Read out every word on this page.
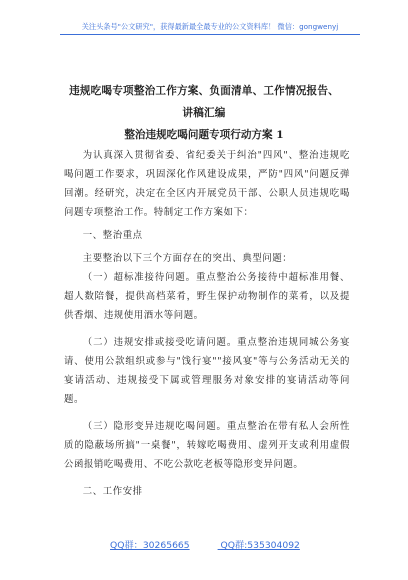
关注头条号"公文研究"，获得最新最全最专业的公文资料库！ 微信：gongwenyj
违规吃喝专项整治工作方案、负面清单、工作情况报告、
讲稿汇编
整治违规吃喝问题专项行动方案 1

为认真深入贯彻省委、省纪委关于纠治"四风"、整治违规吃喝问题工作要求，巩固深化作风建设成果，严防"四风"问题反弹回潮。经研究，决定在全区内开展党员干部、公职人员违规吃喝问题专项整治工作。特制定工作方案如下：

一、整治重点

主要整治以下三个方面存在的突出、典型问题：

（一）超标准接待问题。重点整治公务接待中超标准用餐、超人数陪餐，提供高档菜肴，野生保护动物制作的菜肴，以及提供香烟、违规使用酒水等问题。

（二）违规安排或接受吃请问题。重点整治违规同城公务宴请、使用公款组织或参与"饯行宴""接风宴"等与公务活动无关的宴请活动、违规接受下属或管理服务对象安排的宴请活动等问题。

（三）隐形变异违规吃喝问题。重点整治在带有私人会所性质的隐蔽场所搞"一桌餐"，转嫁吃喝费用、虚列开支或利用虚假公函报销吃喝费用、不吃公款吃老板等隐形变异问题。

二、工作安排

QQ群：30265665	QQ群:535304092
